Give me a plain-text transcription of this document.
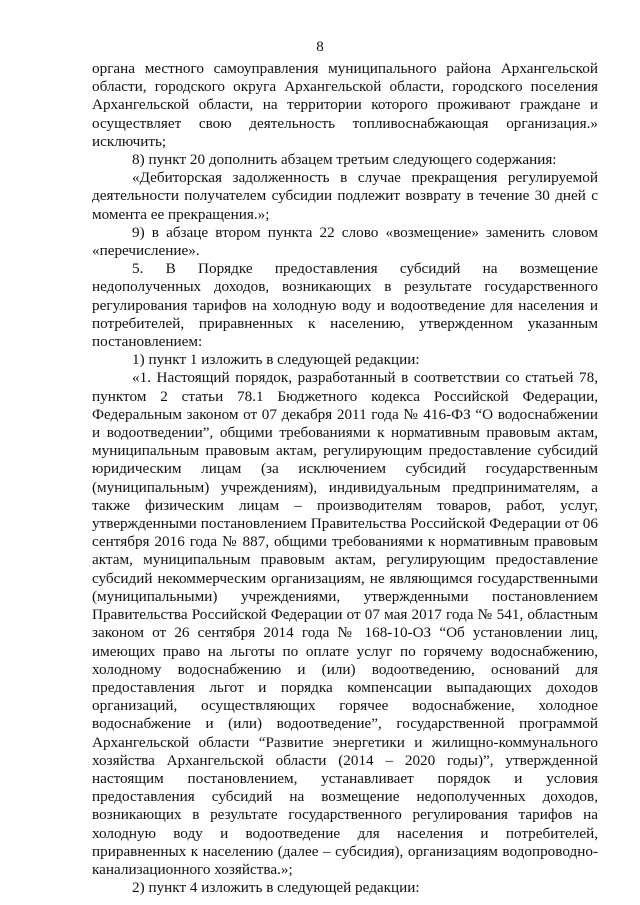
8

органа местного самоуправления муниципального района Архангельской области, городского округа Архангельской области, городского поселения Архангельской области, на территории которого проживают граждане и осуществляет свою деятельность топливоснабжающая организация.» исключить;

8) пункт 20 дополнить абзацем третьим следующего содержания:

«Дебиторская задолженность в случае прекращения регулируемой деятельности получателем субсидии подлежит возврату в течение 30 дней с момента ее прекращения.»;

9) в абзаце втором пункта 22 слово «возмещение» заменить словом «перечисление».

5. В Порядке предоставления субсидий на возмещение недополученных доходов, возникающих в результате государственного регулирования тарифов на холодную воду и водоотведение для населения и потребителей, приравненных к населению, утвержденном указанным постановлением:

1) пункт 1 изложить в следующей редакции:

«1. Настоящий порядок, разработанный в соответствии со статьей 78, пунктом 2 статьи 78.1 Бюджетного кодекса Российской Федерации, Федеральным законом от 07 декабря 2011 года № 416-ФЗ “О водоснабжении и водоотведении”, общими требованиями к нормативным правовым актам, муниципальным правовым актам, регулирующим предоставление субсидий юридическим лицам (за исключением субсидий государственным (муниципальным) учреждениям), индивидуальным предпринимателям, а также физическим лицам – производителям товаров, работ, услуг, утвержденными постановлением Правительства Российской Федерации от 06 сентября 2016 года № 887, общими требованиями к нормативным правовым актам, муниципальным правовым актам, регулирующим предоставление субсидий некоммерческим организациям, не являющимся государственными (муниципальными) учреждениями, утвержденными постановлением Правительства Российской Федерации от 07 мая 2017 года № 541, областным законом от 26 сентября 2014 года № 168-10-ОЗ “Об установлении лиц, имеющих право на льготы по оплате услуг по горячему водоснабжению, холодному водоснабжению и (или) водоотведению, оснований для предоставления льгот и порядка компенсации выпадающих доходов организаций, осуществляющих горячее водоснабжение, холодное водоснабжение и (или) водоотведение”, государственной программой Архангельской области “Развитие энергетики и жилищно-коммунального хозяйства Архангельской области (2014 – 2020 годы)”, утвержденной настоящим постановлением, устанавливает порядок и условия предоставления субсидий на возмещение недополученных доходов, возникающих в результате государственного регулирования тарифов на холодную воду и водоотведение для населения и потребителей, приравненных к населению (далее – субсидия), организациям водопроводно-канализационного хозяйства.»;

2) пункт 4 изложить в следующей редакции:
